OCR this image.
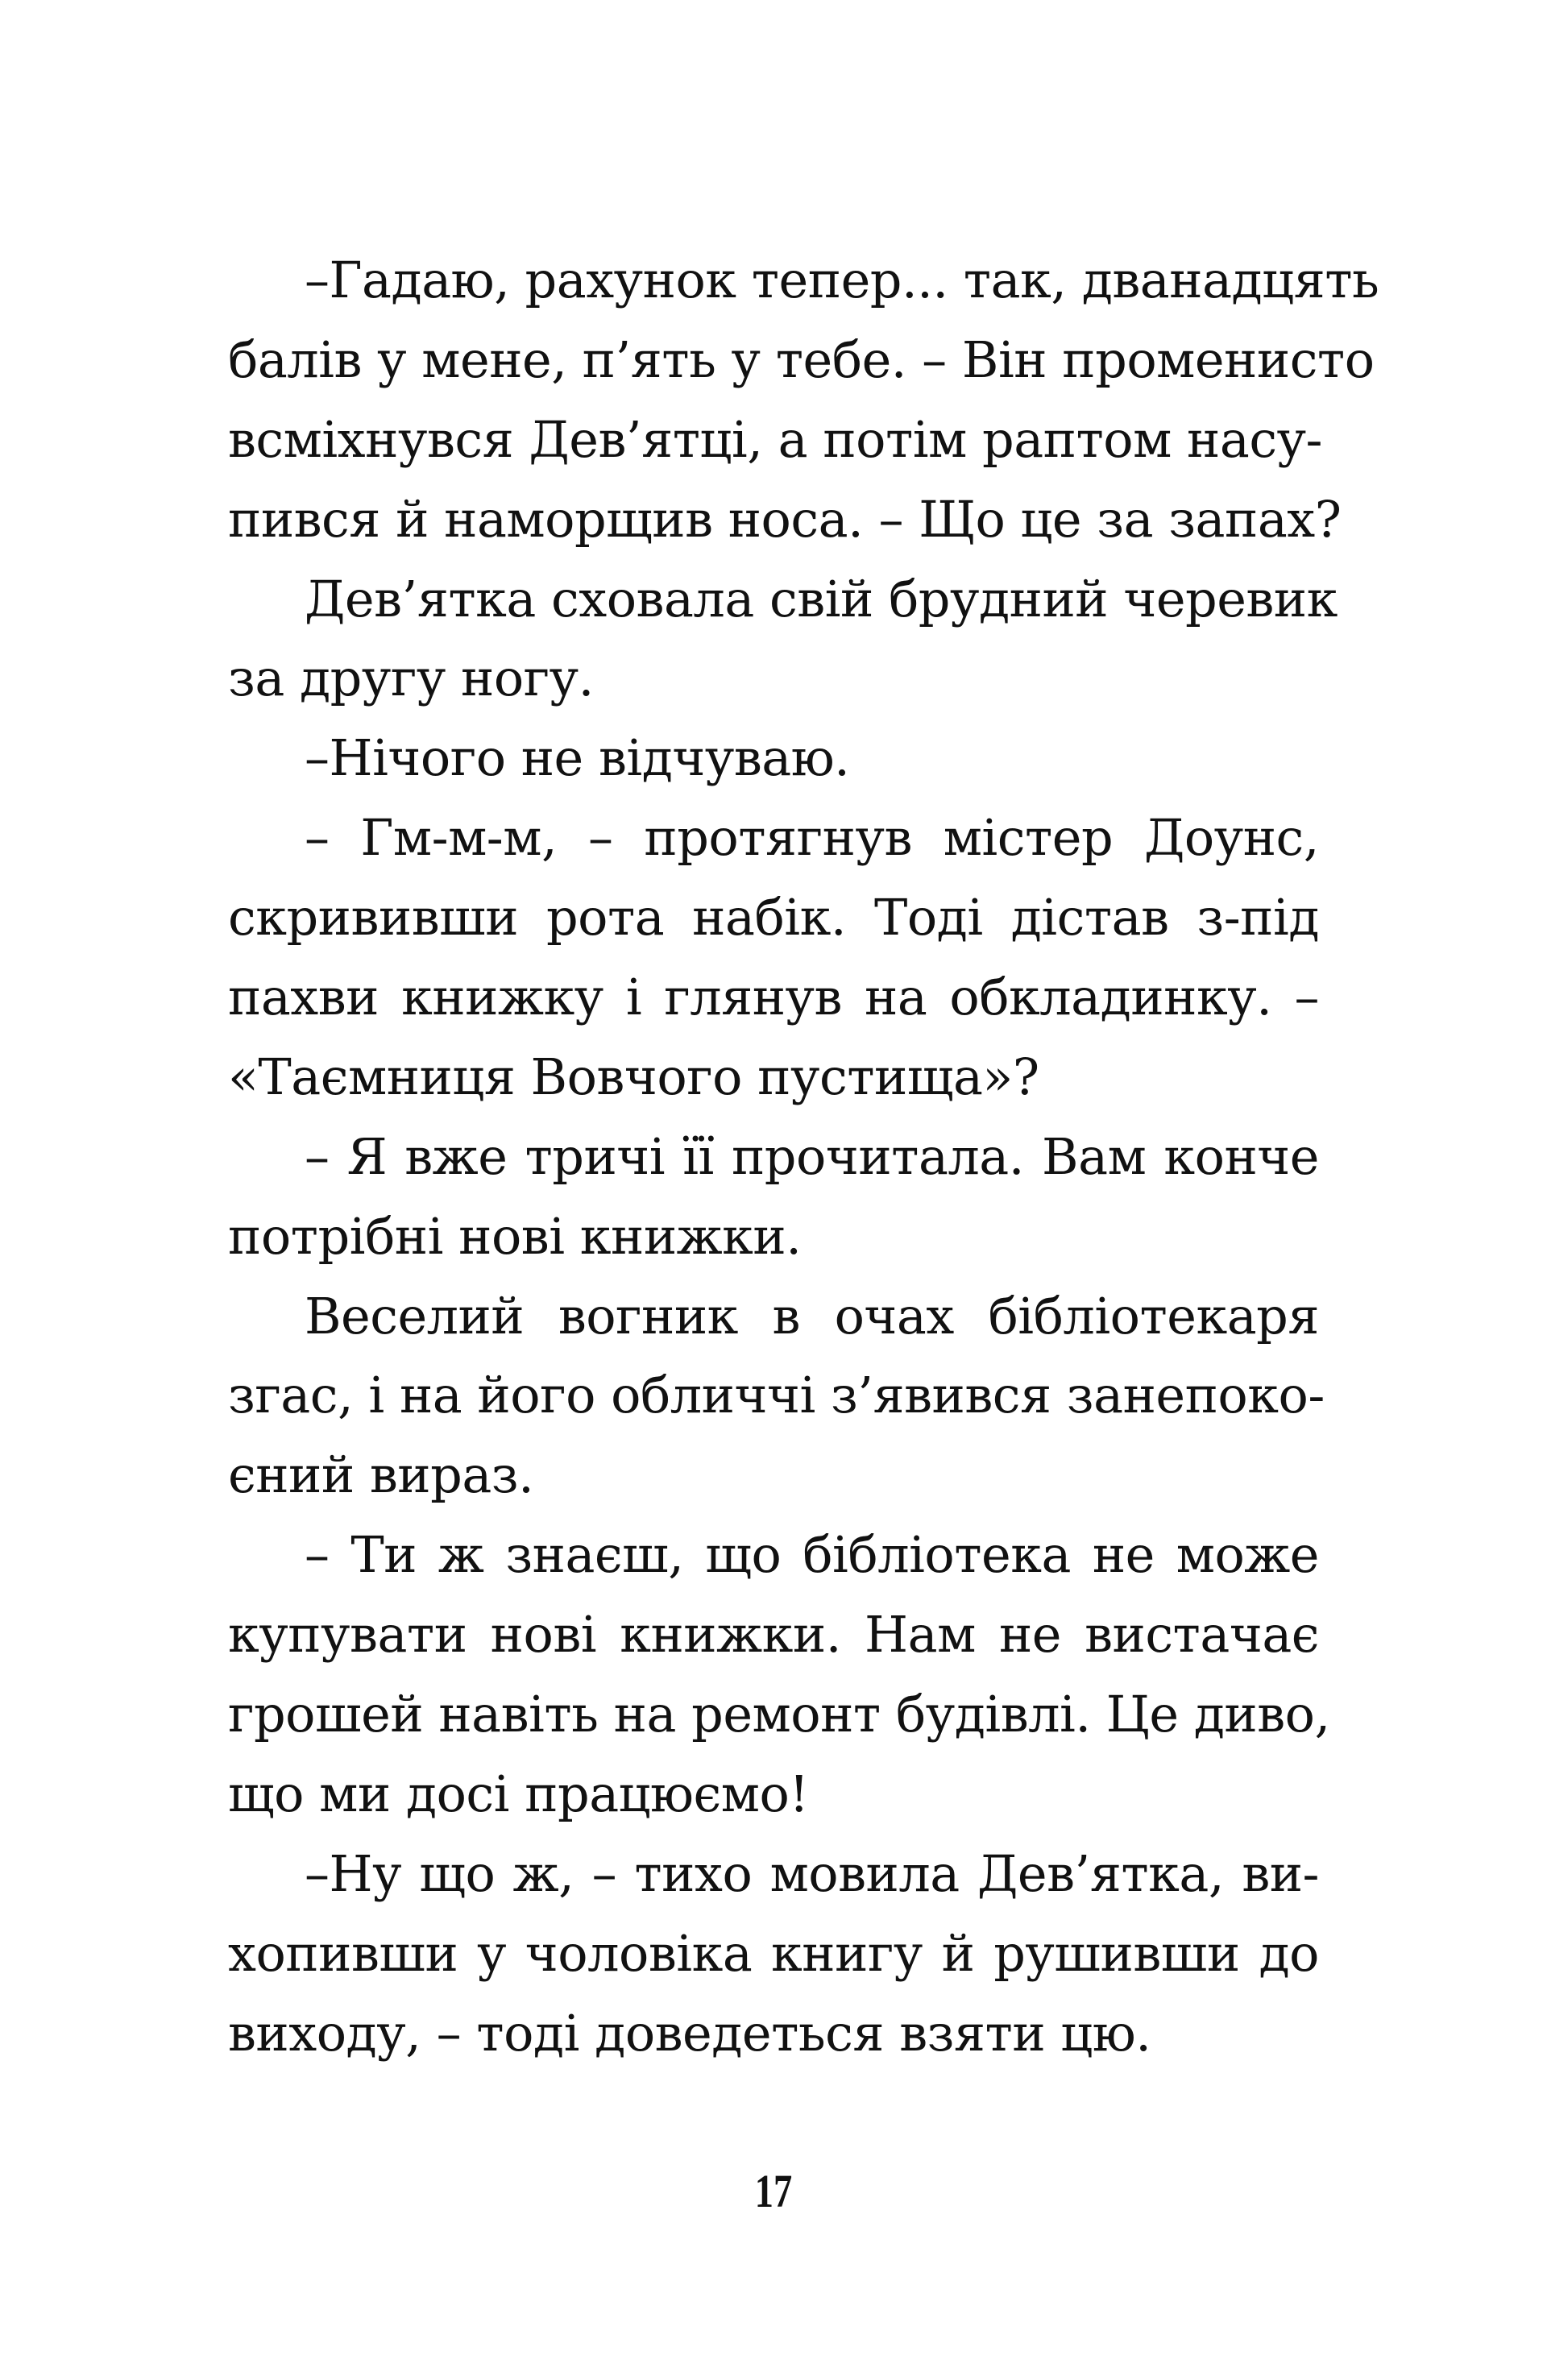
–Гадаю, рахунок тепер... так, дванадцять
балів у мене, п’ять у тебе. – Він променисто
всміхнувся Дев’ятці, а потім раптом насу-
пився й наморщив носа. – Що це за запах?
Дев’ятка сховала свій брудний черевик
за другу ногу.
–Нічого не відчуваю.
– Гм-м-м, – протягнув містер Доунс,
скрививши рота набік. Тоді дістав з-під
пахви книжку і глянув на обкладинку. –
«Таємниця Вовчого пустища»?
– Я вже тричі її прочитала. Вам конче
потрібні нові книжки.
Веселий вогник в очах бібліотекаря
згас, і на його обличчі з’явився занепоко-
єний вираз.
– Ти ж знаєш, що бібліотека не може
купувати нові книжки. Нам не вистачає
грошей навіть на ремонт будівлі. Це диво,
що ми досі працюємо!
–Ну що ж, – тихо мовила Дев’ятка, ви-
хопивши у чоловіка книгу й рушивши до
виходу, – тоді доведеться взяти цю.
17
